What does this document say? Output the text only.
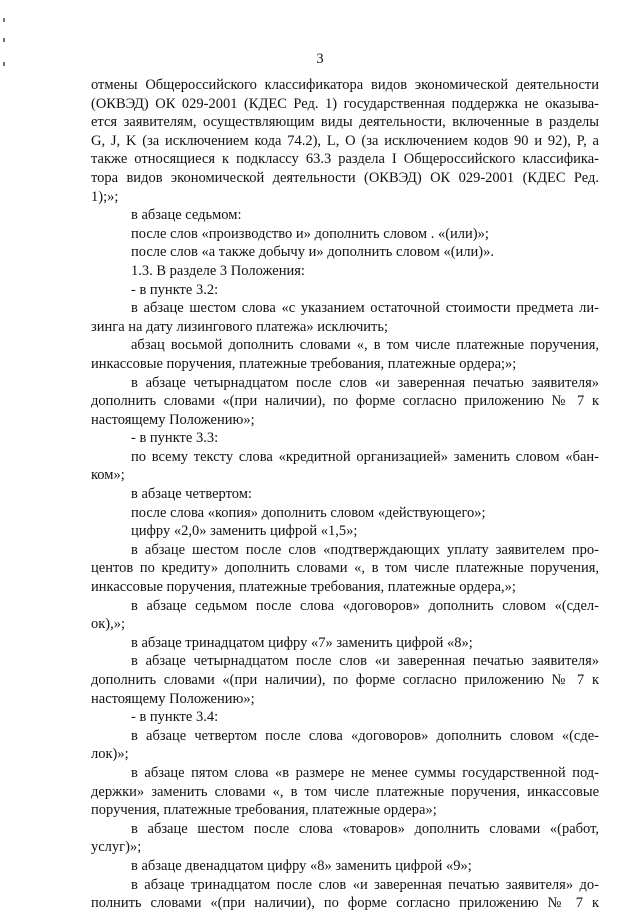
3
отмены Общероссийского классификатора видов экономической деятельности
(ОКВЭД) ОК 029-2001 (КДЕС Ред. 1) государственная поддержка не оказыва-
ется заявителям, осуществляющим виды деятельности, включенные в разделы
G, J, K (за исключением кода 74.2), L, O (за исключением кодов 90 и 92), P, а
также относящиеся к подклассу 63.3 раздела I Общероссийского классифика-
тора видов экономической деятельности (ОКВЭД) ОК 029-2001 (КДЕС Ред.
1);»;
в абзаце седьмом:
после слов «производство и» дополнить словом . «(или)»;
после слов «а также добычу и» дополнить словом «(или)».
1.3. В разделе 3 Положения:
- в пункте 3.2:
в абзаце шестом слова «с указанием остаточной стоимости предмета ли-
зинга на дату лизингового платежа» исключить;
абзац восьмой дополнить словами «, в том числе платежные поручения,
инкассовые поручения, платежные требования, платежные ордера;»;
в абзаце четырнадцатом после слов «и заверенная печатью заявителя»
дополнить словами «(при наличии), по форме согласно приложению № 7 к
настоящему Положению»;
- в пункте 3.3:
по всему тексту слова «кредитной организацией» заменить словом «бан-
ком»;
в абзаце четвертом:
после слова «копия» дополнить словом «действующего»;
цифру «2,0» заменить цифрой «1,5»;
в абзаце шестом после слов «подтверждающих уплату заявителем про-
центов по кредиту» дополнить словами «, в том числе платежные поручения,
инкассовые поручения, платежные требования, платежные ордера,»;
в абзаце седьмом после слова «договоров» дополнить словом «(сдел-
ок),»;
в абзаце тринадцатом цифру «7» заменить цифрой «8»;
в абзаце четырнадцатом после слов «и заверенная печатью заявителя»
дополнить словами «(при наличии), по форме согласно приложению № 7 к
настоящему Положению»;
- в пункте 3.4:
в абзаце четвертом после слова «договоров» дополнить словом «(сде-
лок)»;
в абзаце пятом слова «в размере не менее суммы государственной под-
держки» заменить словами «, в том числе платежные поручения, инкассовые
поручения, платежные требования, платежные ордера»;
в абзаце шестом после слова «товаров» дополнить словами «(работ,
услуг)»;
в абзаце двенадцатом цифру «8» заменить цифрой «9»;
в абзаце тринадцатом после слов «и заверенная печатью заявителя» до-
полнить словами «(при наличии), по форме согласно приложению № 7 к
